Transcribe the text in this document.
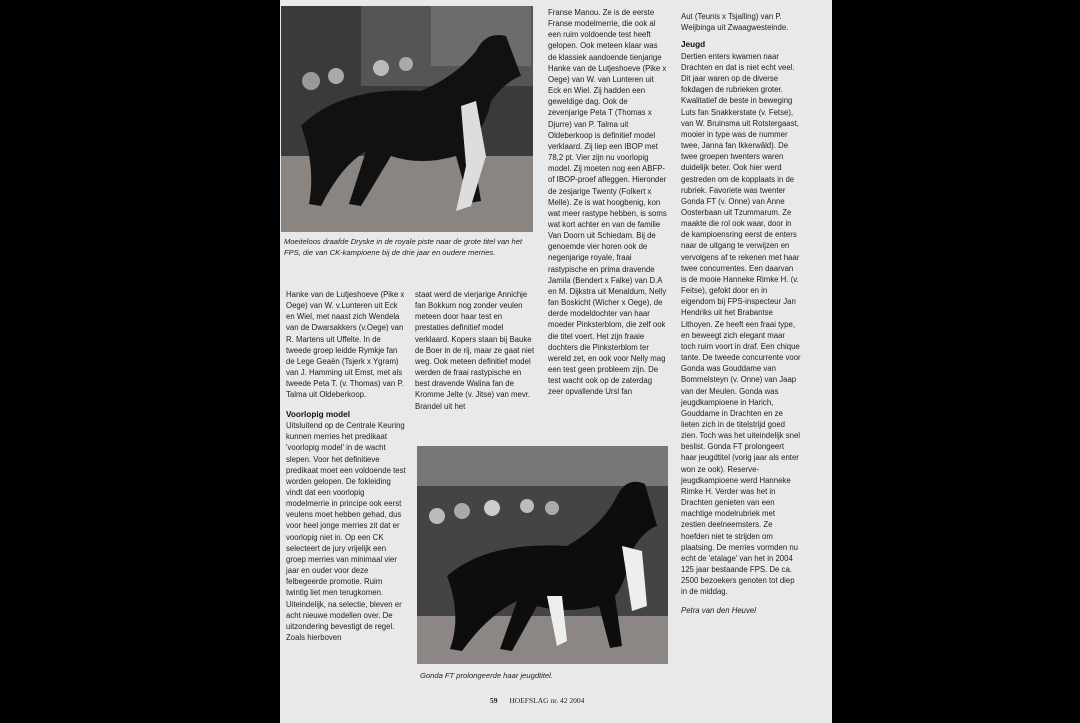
Moeiteloos draafde Dryske in de royale piste naar de grote titel van het FPS, die van CK-kampioene bij de drie jaar en oudere merries.

Franse Manou. Ze is de eerste Franse modelmerrie, die ook al een ruim voldoende test heeft gelopen. Ook meteen klaar was de klassiek aandoende tienjarige Hanke van de Lutjeshoeve (Pike x Oege) van W. van Lunteren uit Eck en Wiel. Zij hadden een geweldige dag. Ook de zevenjarige Peta T (Thomas x Djurre) van P. Talma uit Oldeberkoop is definitief model verklaard. Zij liep een IBOP met 78,2 pt. Vier zijn nu voorlopig model. Zij moeten nog een ABFP- of IBOP-proef afleggen. Hieronder de zesjarige Twenty (Folkert x Melle). Ze is wat hoogbenig, kon wat meer rastype hebben, is soms wat kort achter en van de familie Van Doorn uit Schiedam. Bij de genoemde vier horen ook de negenjarige royale, fraai rastypische en prima dravende Jamila (Bendert x Falke) van D.A en M. Dijkstra uit Menaldum, Nelly fan Boskicht (Wicher x Oege), de derde modeldochter van haar moeder Pinksterblom, die zelf ook die titel voert. Het zijn fraaie dochters die Pinksterblom ter wereld zet, en ook voor Nelly mag een test geen probleem zijn. De test wacht ook op de zaterdag zeer opvallende Ursl fan

Aut (Teunis x Tsjalling) van P. Weijbinga uit Zwaagwesteinde.

Jeugd

Dertien enters kwamen naar Drachten en dat is niet echt veel. Dit jaar waren op de diverse fokdagen de rubrieken groter. Kwalitatief de beste in beweging Luts fan Snakkerstate (v. Fetse), van W. Bruinsma uit Rotstergaast, mooier in type was de nummer twee, Janna fan Ikkerwâld). De twee groepen twenters waren duidelijk beter. Ook hier werd gestreden om de kopplaats in de rubriek. Favoriete was twenter Gonda FT (v. Onne) van Anne Oosterbaan uit Tzummarum. Ze maakte die rol ook waar, door in de kampioensring eerst de enters naar de uitgang te verwijzen en vervolgens af te rekenen met haar twee concurrentes. Een daarvan is de mooie Hanneke Rimke H. (v. Feitse), gefokt door en in eigendom bij FPS-inspecteur Jan Hendriks uit het Brabantse Lithoyen. Ze heeft een fraai type, en beweegt zich elegant maar toch ruim voort in draf. Een chique tante. De tweede concurrente voor Gonda was Gouddame van Bommelsteyn (v. Onne) van Jaap van der Meulen. Gonda was jeugdkampioene in Harich, Gouddame in Drachten en ze lieten zich in de titelstrijd goed zien. Toch was het uiteindelijk snel beslist. Gonda FT prolongeert haar jeugdtitel (vorig jaar als enter won ze ook). Reserve-jeugdkampioene werd Hanneke Rimke H. Verder was het in Drachten genieten van een machtige modelrubriek met zestien deelneemsters. Ze hoefden niet te strijden om plaatsing. De merries vormden nu echt de 'etalage' van het in 2004 125 jaar bestaande FPS. De ca. 2500 bezoekers genoten tot diep in de middag.

Petra van den Heuvel

Hanke van de Lutjeshoeve (Pike x Oege) van W. v.Lunteren uit Eck en Wiel, met naast zich Wendela van de Dwarsakkers (v.Oege) van R. Martens uit Uffelte. In de tweede groep leidde Rymkje fan de Lege Geaën (Tsjerk x Ygram) van J. Hamming uit Emst, met als tweede Peta T. (v. Thomas) van P. Talma uit Oldeberkoop.

Voorlopig model

Uitsluitend op de Centrale Keuring kunnen merries het predikaat 'voorlopig model' in de wacht slepen. Voor het definitieve predikaat moet een voldoende test worden gelopen. De fokleiding vindt dat een voorlopig modelmerrie in principe ook eerst veulens moet hebben gehad, dus voor heel jonge merries zit dat er voorlopig niet in. Op een CK selecteert de jury vrijelijk een groep merries van minimaal vier jaar en ouder voor deze felbegeerde promotie. Ruim twintig liet men terugkomen. Uiteindelijk, na selectie, bleven er acht nieuwe modellen over. De uitzondering bevestigt de regel. Zoals hierboven

staat werd de vierjarige Annichje fan Bokkum nog zonder veulen meteen door haar test en prestaties definitief model verklaard. Kopers staan bij Bauke de Boer in de rij, maar ze gaat niet weg. Ook meteen definitief model werden de fraai rastypische en best dravende Walina fan de Kromme Jelte (v. Jitse) van mevr. Brandel uit het

Gonda FT prolongeerde haar jeugdtitel.
59 HOEFSLAG nr. 42 2004
